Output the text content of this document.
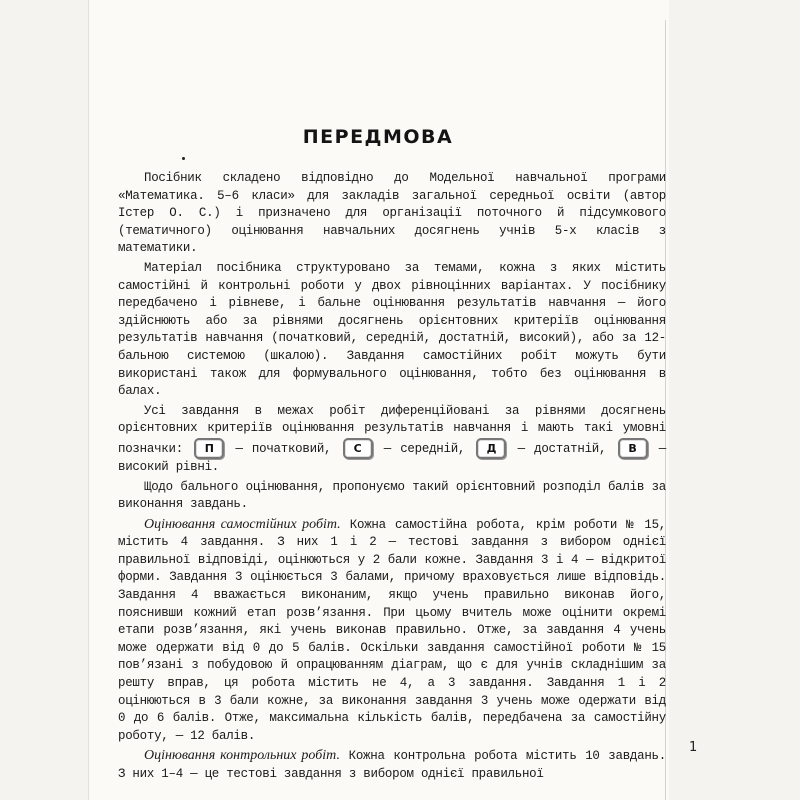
ПЕРЕДМОВА

Посібник складено відповідно до Модельної навчальної програми «Математика. 5–6 класи» для закладів загальної середньої освіти (автор Істер О. С.) і призначено для організації поточного й підсумкового (тематичного) оцінювання навчальних досягнень учнів 5-х класів з математики.

Матеріал посібника структуровано за темами, кожна з яких містить самостійні й контрольні роботи у двох рівноцінних варіантах. У посібнику передбачено і рівневе, і бальне оцінювання результатів навчання — його здійснюють або за рівнями досягнень орієнтовних критеріїв оцінювання результатів навчання (початковий, середній, достатній, високий), або за 12-бальною системою (шкалою). Завдання самостійних робіт можуть бути використані також для формувального оцінювання, тобто без оцінювання в балах.

Усі завдання в межах робіт диференційовані за рівнями досягнень орієнтовних критеріїв оцінювання результатів навчання і мають такі умовні позначки: П — початковий, С — середній, Д — достатній, В — високий рівні.

Щодо бального оцінювання, пропонуємо такий орієнтовний розподіл балів за виконання завдань.

Оцінювання самостійних робіт. Кожна самостійна робота, крім роботи № 15, містить 4 завдання. З них 1 і 2 — тестові завдання з вибором однієї правильної відповіді, оцінюються у 2 бали кожне. Завдання 3 і 4 — відкритої форми. Завдання 3 оцінюється 3 балами, причому враховується лише відповідь. Завдання 4 вважається виконаним, якщо учень правильно виконав його, пояснивши кожний етап розв’язання. При цьому вчитель може оцінити окремі етапи розв’язання, які учень виконав правильно. Отже, за завдання 4 учень може одержати від 0 до 5 балів. Оскільки завдання самостійної роботи № 15 пов’язані з побудовою й опрацюванням діаграм, що є для учнів складнішим за решту вправ, ця робота містить не 4, а 3 завдання. Завдання 1 і 2 оцінюються в 3 бали кожне, за виконання завдання 3 учень може одержати від 0 до 6 балів. Отже, максимальна кількість балів, передбачена за самостійну роботу, — 12 балів.

Оцінювання контрольних робіт. Кожна контрольна робота містить 10 завдань. З них 1–4 — це тестові завдання з вибором однієї правильної

1
